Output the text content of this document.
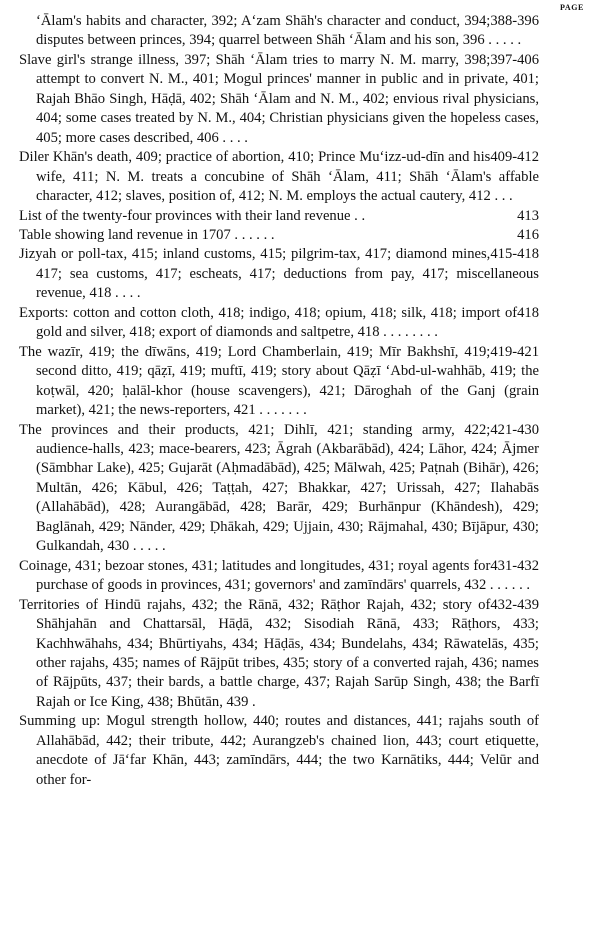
PAGE

388-396
ʻĀlam's habits and character, 392; Aʻzam Shāh's character and conduct, 394; disputes between princes, 394; quarrel between Shāh ʻĀlam and his son, 396 . . . . .

397-406
Slave girl's strange illness, 397; Shāh ʻĀlam tries to marry N. M. marry, 398; attempt to convert N. M., 401; Mogul princes' manner in public and in private, 401; Rajah Bhāo Singh, Hāḍā, 402; Shāh ʻĀlam and N. M., 402; envious rival physicians, 404; some cases treated by N. M., 404; Christian physicians given the hopeless cases, 405; more cases described, 406 . . . .

409-412
Diler Khān's death, 409; practice of abortion, 410; Prince Muʻizz-ud-dīn and his wife, 411; N. M. treats a concubine of Shāh ʻĀlam, 411; Shāh ʻĀlam's affable character, 412; slaves, position of, 412; N. M. employs the actual cautery, 412 . . .

413
List of the twenty-four provinces with their land revenue . .

416
Table showing land revenue in 1707 . . . . . .

415-418
Jizyah or poll-tax, 415; inland customs, 415; pilgrim-tax, 417; diamond mines, 417; sea customs, 417; escheats, 417; deductions from pay, 417; miscellaneous revenue, 418 . . . .

418
Exports: cotton and cotton cloth, 418; indigo, 418; opium, 418; silk, 418; import of gold and silver, 418; export of diamonds and saltpetre, 418 . . . . . . . .

419-421
The wazīr, 419; the dīwāns, 419; Lord Chamberlain, 419; Mīr Bakhshī, 419; second ditto, 419; qāẓī, 419; muftī, 419; story about Qāẓī ʻAbd-ul-wahhāb, 419; the koṭwāl, 420; ḥalāl-khor (house scavengers), 421; Dāroghah of the Ganj (grain market), 421; the news-reporters, 421 . . . . . . .

421-430
The provinces and their products, 421; Dihlī, 421; standing army, 422; audience-halls, 423; mace-bearers, 423; Āgrah (Akbarābād), 424; Lāhor, 424; Ājmer (Sāmbhar Lake), 425; Gujarāt (Aḥmadābād), 425; Mālwah, 425; Paṭnah (Bihār), 426; Multān, 426; Kābul, 426; Taṭṭah, 427; Bhakkar, 427; Urissah, 427; Ilahabās (Allahābād), 428; Aurangābād, 428; Barār, 429; Burhānpur (Khāndesh), 429; Baglānah, 429; Nānder, 429; Ḍhākah, 429; Ujjain, 430; Rājmahal, 430; Bījāpur, 430; Gulkandah, 430 . . . . .

431-432
Coinage, 431; bezoar stones, 431; latitudes and longitudes, 431; royal agents for purchase of goods in provinces, 431; governors' and zamīndārs' quarrels, 432 . . . . . .

432-439
Territories of Hindū rajahs, 432; the Rānā, 432; Rāṭhor Rajah, 432; story of Shāhjahān and Chattarsāl, Hāḍā, 432; Sisodiah Rānā, 433; Rāṭhors, 433; Kachhwāhahs, 434; Bhūrtiyahs, 434; Hāḍās, 434; Bundelahs, 434; Rāwatelās, 435; other rajahs, 435; names of Rājpūt tribes, 435; story of a converted rajah, 436; names of Rājpūts, 437; their bards, a battle charge, 437; Rajah Sarūp Singh, 438; the Barfī Rajah or Ice King, 438; Bhūtān, 439 .

Summing up: Mogul strength hollow, 440; routes and distances, 441; rajahs south of Allahābād, 442; their tribute, 442; Aurangzeb's chained lion, 443; court etiquette, anecdote of Jāʻfar Khān, 443; zamīndārs, 444; the two Karnātiks, 444; Velūr and other for-
